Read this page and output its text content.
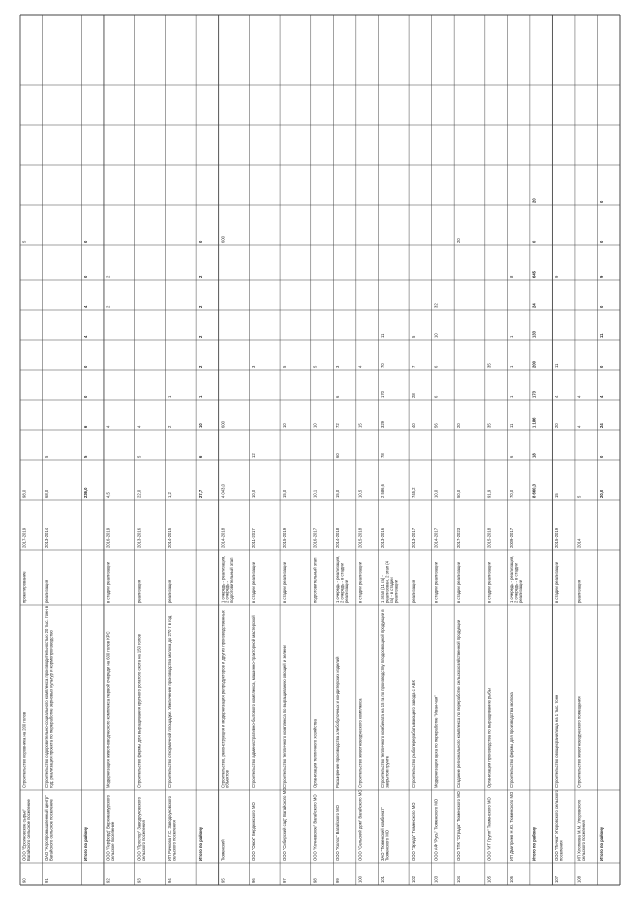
90
ООО "Ерсиновское сырье"Вагайского сельское поселение
Строительство коровника на 200 голов
проектирование
2017-2019
98,0
5
91
ОАО "Агропромышленный центр"Вагайского сельское поселение
Строительство оздоровительно-социального комплекса производительностью 20 тыс. тонн вгод; реализация проекта по переработке зерновых культур и кормопроизводство
реализация
2013-2014
68,0
5
Итого по району
236,0
5
6
0
0
4
4
0
0
92
ООО "Герфорд" Верхнеамурскогосельское поселение
Модернизация животноводческого комплекса первой очереди на 600 голов КРС
в стадии реализации
2016-2019
4,5
4
2
2
93
ООО "Простор" Заводоуковскогосельского поселения
Строительство фермы для выращивания крупного рогатого скота на 150 голов
реализация
2013-2016
22,0
5
4
94
ИП Рачкова Г.С. Заводоуковскогосельского поселения
Строительство откормочной площадки. Увеличение производства молока до 270 т в год
реализация
2014-2015
1,2
2
1
Итого по району
27,7
6
10
1
2
2
2
2
0
95
Тюменский
Строительство, реконструкция и модернизация репродукторов и других производственныхобъектов
1 очередь - реализация,2 очередь -подготовительный этап
2014-2018
4 043,0
600
600
96
ООО "Омск" Бердюжского МО
Строительство административно-бытового комплекса, машинно-тракторной мастерской
в стадии реализации
2011-2017
10,0
12
3
97
ООО "Сибирский сад" Вагайского МО
Строительство тепличного комплекса по выращиванию овощей и зелени
в стадии реализации
2015-2019
15,0
10
5
98
ООО "Кочневское" Вагайского МО
Организация тепличного хозяйства
подготовительный этап
2016-2017
10,1
10
5
99
ООО "Колос" Вагайского МО
Расширение производства хлебобулочных и кондитерских изделий
1 очередь - реализация,2 очередь - в стадииреализации
2014-2018
15,0
60
72
6
3
100
ООО "Сельский дом" Вагайского МО
Строительство животноводческого комплекса
в стадии реализации
2015-2018
10,5
15
4
101
ЗАО "Тюменский комбинат"Тюменского МО
Строительство тепличного комбината на 15 га по производству плодоовощной продукции взакрытом грунте
1 этап (11 га) -реализован, 2 этап (4га) - в стадииреализации
2013-2016
2 586,6
78
329
170
70
11
102
ООО "Эрида" Тюменского МО
Строительство рыбоперерабатывающего завода с АБК
реализация
2013-2017
745,2
40
28
7
5
103
ООО АФ "Русь" Тюменского МО
Модернизация цеха по переработке "Иван-чая"
в стадии реализации
2014-2017
10,0
56
6
6
10
32
104
ООО ТПК "Отрада" Тюменского МО
Создание регионального комплекса по переработке сельскохозяйственной продукции
в стадии реализации
2017-2023
50,0
20
20
105
ООО "ИТ Групп" Тюменского МО
Организация производства по выращиванию рыбы
в стадии реализации
2015-2018
91,9
35
35
106
ИП Дмитриев Н.Ю. Тюменского МО
Строительство фермы для производства молока
1 очередь - реализация,2 очередь - в стадииреализации
2009-2017
70,0
6
11
1
1
1
8
Итого по району
8 660,3
18
1 186
173
200
133
24
645
0
20
107
ООО "Пичка" Упоровского сельскогопоселения
Строительство овощехранилища на 1 тыс. тонн
в стадии реализации
2015-2019
15
20
4
11
9
108
ИП Хлопкова М.М. Упоровскогосельского поселения
Строительство животноводческого помещения
реализация
2014
5
4
4
Итого по району
20,0
0
24
4
0
11
0
9
0
0
